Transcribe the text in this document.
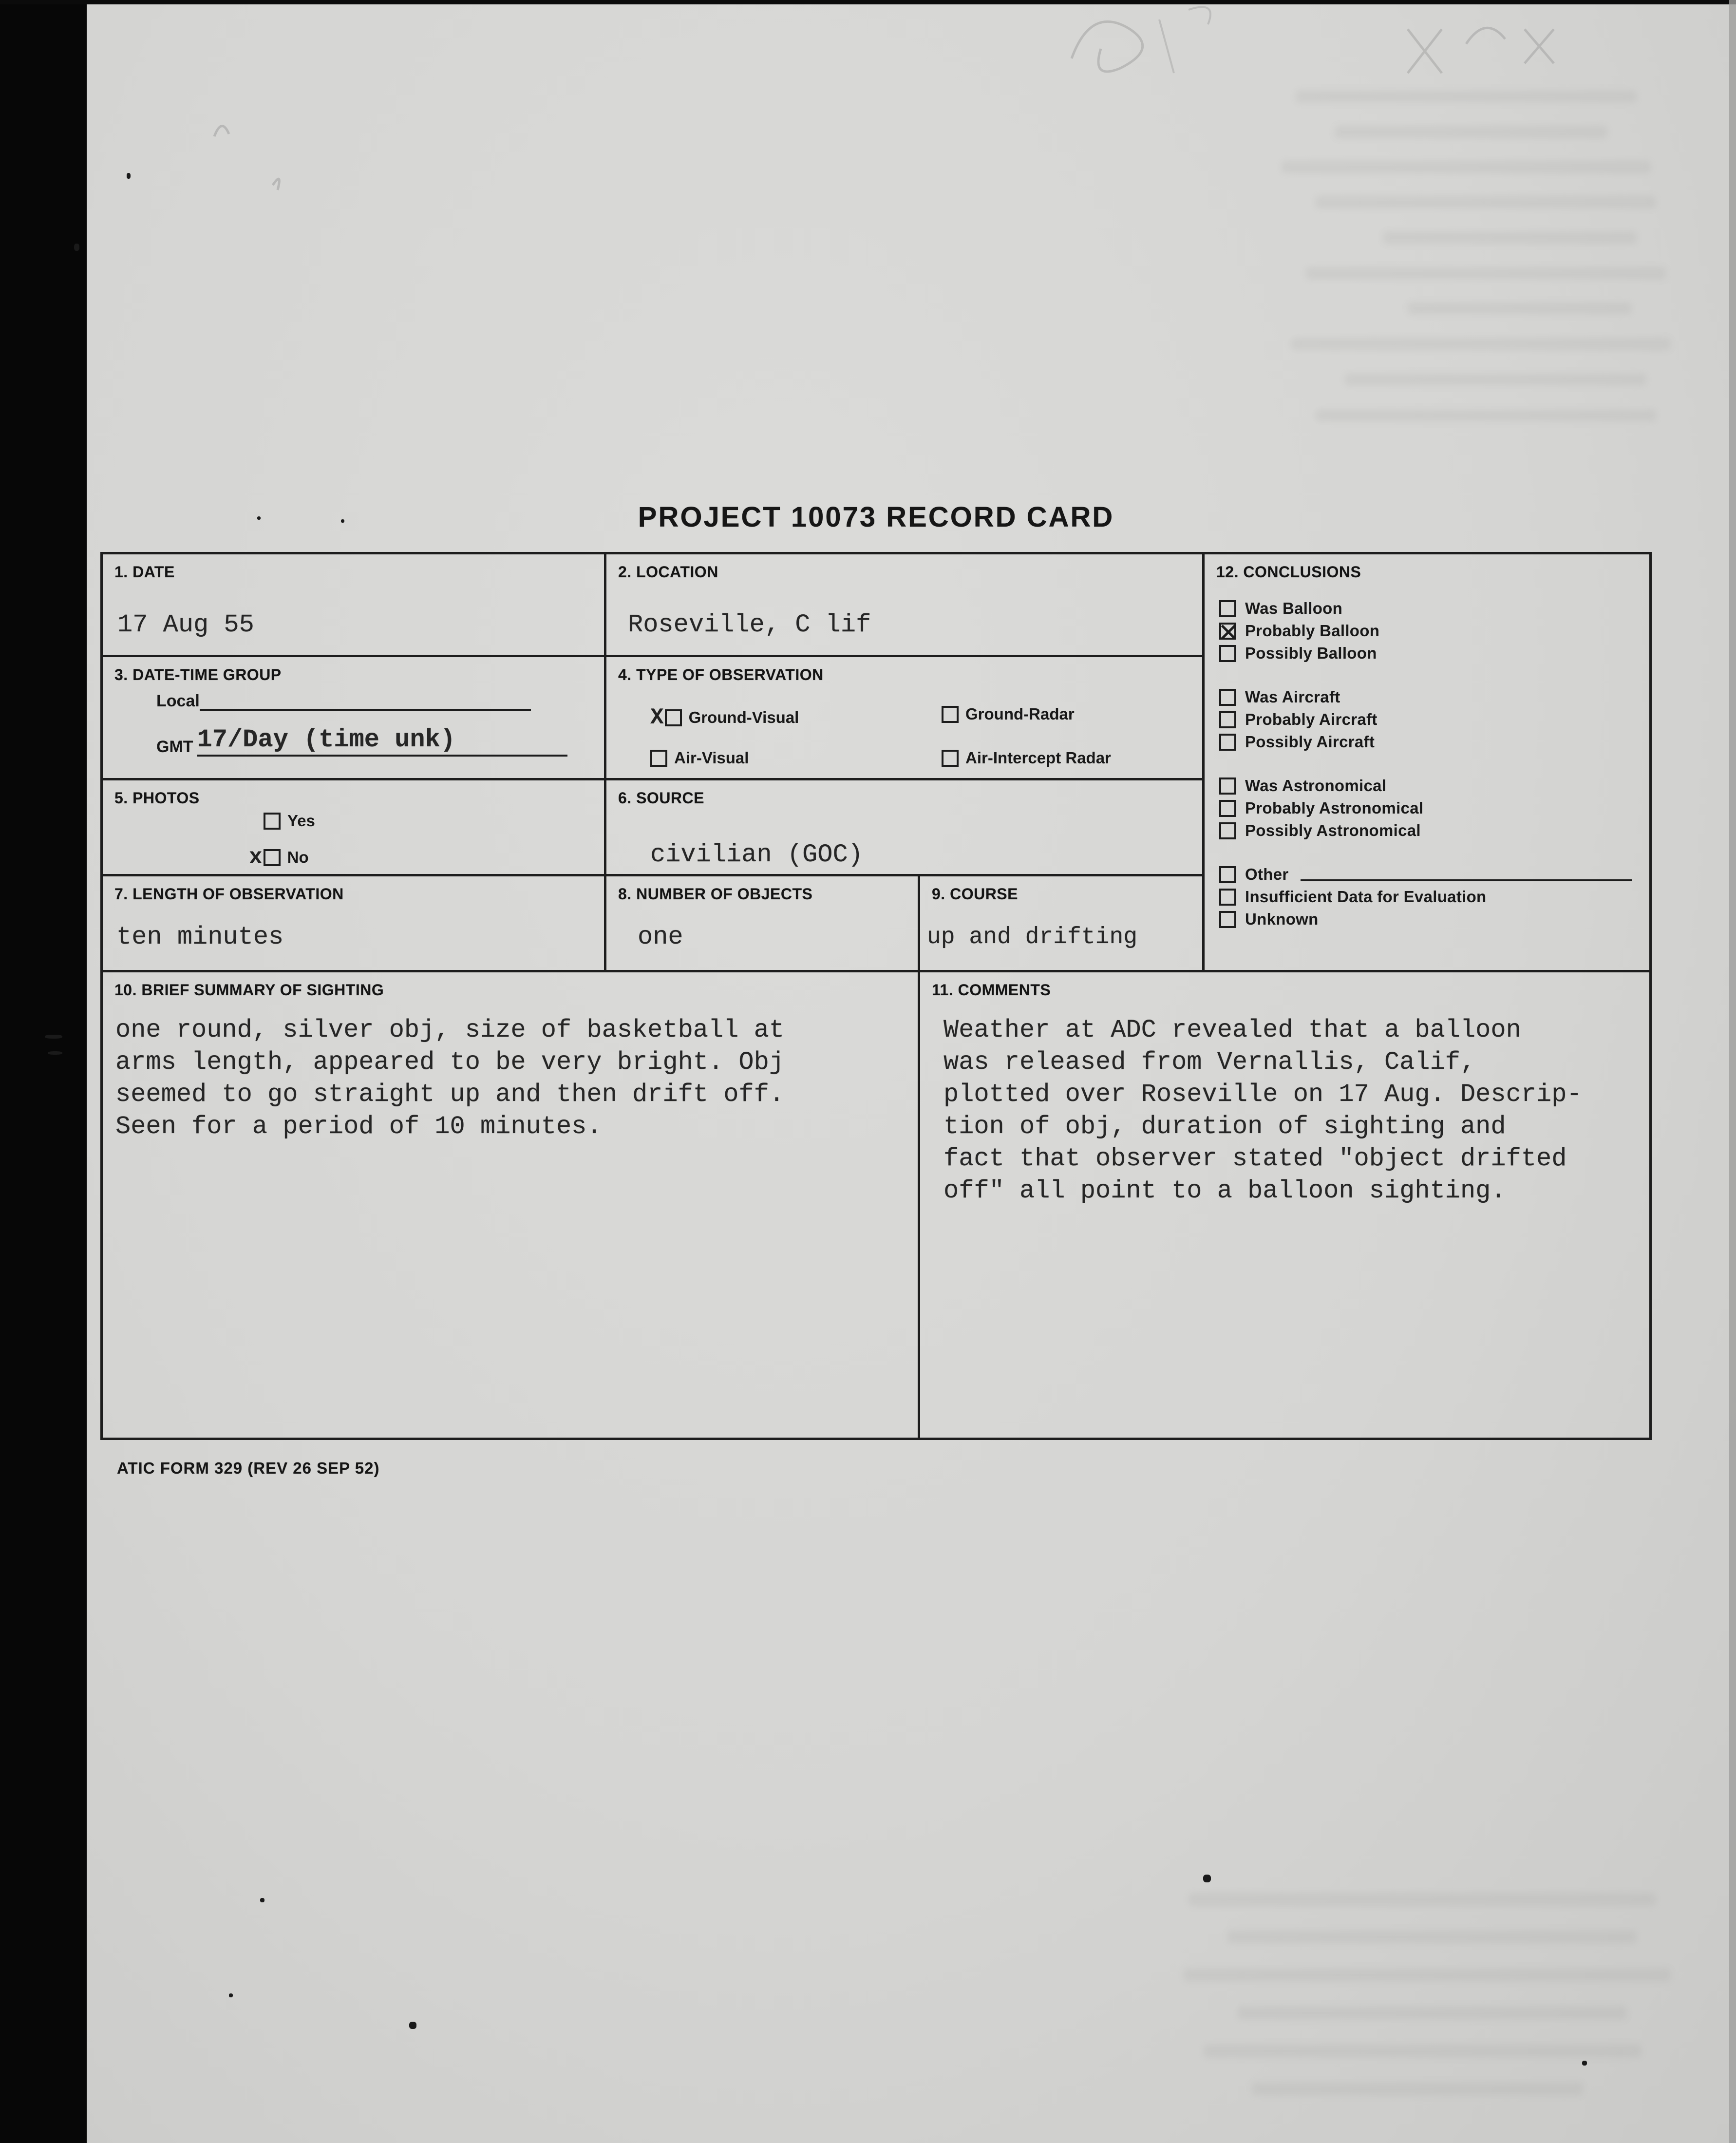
PROJECT 10073 RECORD CARD
1. DATE
17 Aug 55
2. LOCATION
Roseville, C lif
12. CONCLUSIONS
Was Balloon
Probably Balloon
Possibly Balloon
Was Aircraft
Probably Aircraft
Possibly Aircraft
Was Astronomical
Probably Astronomical
Possibly Astronomical
Other
Insufficient Data for Evaluation
Unknown
3. DATE-TIME GROUP
Local
GMT 17/Day (time unk)
4. TYPE OF OBSERVATION
X Ground-Visual	Ground-Radar
Air-Visual	Air-Intercept Radar
5. PHOTOS
Yes
x No
6. SOURCE
civilian (GOC)
7. LENGTH OF OBSERVATION
ten minutes
8. NUMBER OF OBJECTS
one
9. COURSE
up and drifting
10. BRIEF SUMMARY OF SIGHTING
one round, silver obj, size of basketball at
arms length, appeared to be very bright. Obj
seemed to go straight up and then drift off.
Seen for a period of 10 minutes.
11. COMMENTS
Weather at ADC revealed that a balloon
was released from Vernallis, Calif,
plotted over Roseville on 17 Aug. Descrip-
tion of obj, duration of sighting and
fact that observer stated "object drifted
off" all point to a balloon sighting.
ATIC FORM 329 (REV 26 SEP 52)
